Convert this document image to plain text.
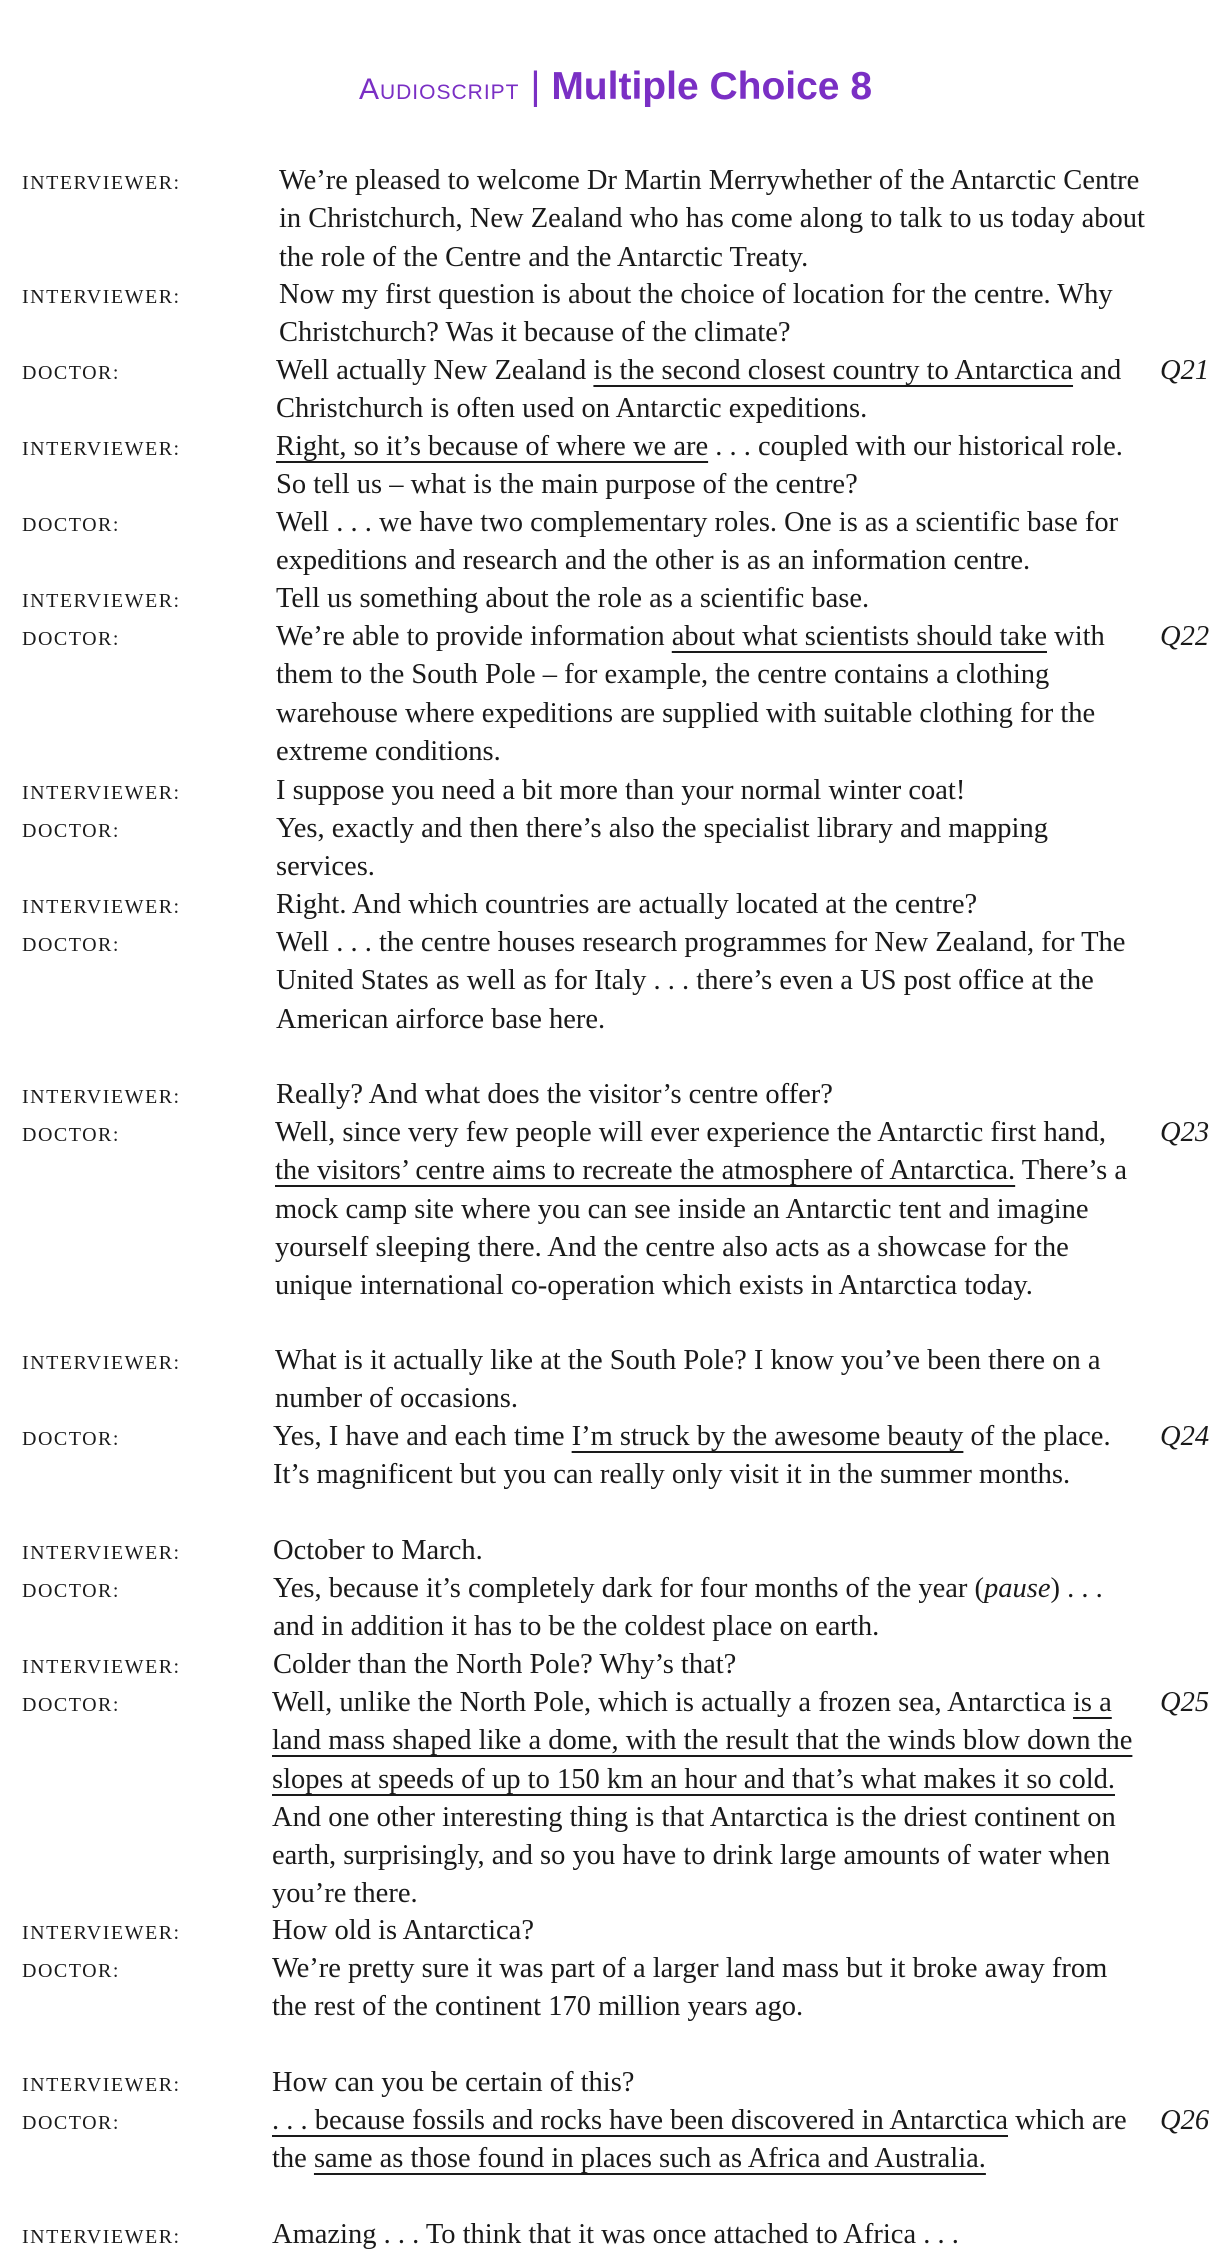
Audioscript | Multiple Choice 8
INTERVIEWER:	We’re pleased to welcome Dr Martin Merrywhether of the Antarctic Centre in Christchurch, New Zealand who has come along to talk to us today about the role of the Centre and the Antarctic Treaty.
INTERVIEWER:	Now my first question is about the choice of location for the centre. Why Christchurch? Was it because of the climate?
DOCTOR:	Well actually New Zealand is the second closest country to Antarctica and Christchurch is often used on Antarctic expeditions.
Q21
INTERVIEWER:	Right, so it’s because of where we are . . . coupled with our historical role. So tell us – what is the main purpose of the centre?
DOCTOR:	Well . . . we have two complementary roles. One is as a scientific base for expeditions and research and the other is as an information centre.
INTERVIEWER:	Tell us something about the role as a scientific base.
DOCTOR:	We’re able to provide information about what scientists should take with them to the South Pole – for example, the centre contains a clothing warehouse where expeditions are supplied with suitable clothing for the extreme conditions.
Q22
INTERVIEWER:	I suppose you need a bit more than your normal winter coat!
DOCTOR:	Yes, exactly and then there’s also the specialist library and mapping services.
INTERVIEWER:	Right. And which countries are actually located at the centre?
DOCTOR:	Well . . . the centre houses research programmes for New Zealand, for The United States as well as for Italy . . . there’s even a US post office at the American airforce base here.
INTERVIEWER:	Really? And what does the visitor’s centre offer?
DOCTOR:	Well, since very few people will ever experience the Antarctic first hand, the visitors’ centre aims to recreate the atmosphere of Antarctica. There’s a mock camp site where you can see inside an Antarctic tent and imagine yourself sleeping there. And the centre also acts as a showcase for the unique international co-operation which exists in Antarctica today.
Q23
INTERVIEWER:	What is it actually like at the South Pole? I know you’ve been there on a number of occasions.
DOCTOR:	Yes, I have and each time I’m struck by the awesome beauty of the place. It’s magnificent but you can really only visit it in the summer months.
Q24
INTERVIEWER:	October to March.
DOCTOR:	Yes, because it’s completely dark for four months of the year (pause) . . . and in addition it has to be the coldest place on earth.
INTERVIEWER:	Colder than the North Pole? Why’s that?
DOCTOR:	Well, unlike the North Pole, which is actually a frozen sea, Antarctica is a land mass shaped like a dome, with the result that the winds blow down the slopes at speeds of up to 150 km an hour and that’s what makes it so cold. And one other interesting thing is that Antarctica is the driest continent on earth, surprisingly, and so you have to drink large amounts of water when you’re there.
Q25
INTERVIEWER:	How old is Antarctica?
DOCTOR:	We’re pretty sure it was part of a larger land mass but it broke away from the rest of the continent 170 million years ago.
INTERVIEWER:	How can you be certain of this?
DOCTOR:	. . . because fossils and rocks have been discovered in Antarctica which are the same as those found in places such as Africa and Australia.
Q26
INTERVIEWER:	Amazing . . . To think that it was once attached to Africa . . .
